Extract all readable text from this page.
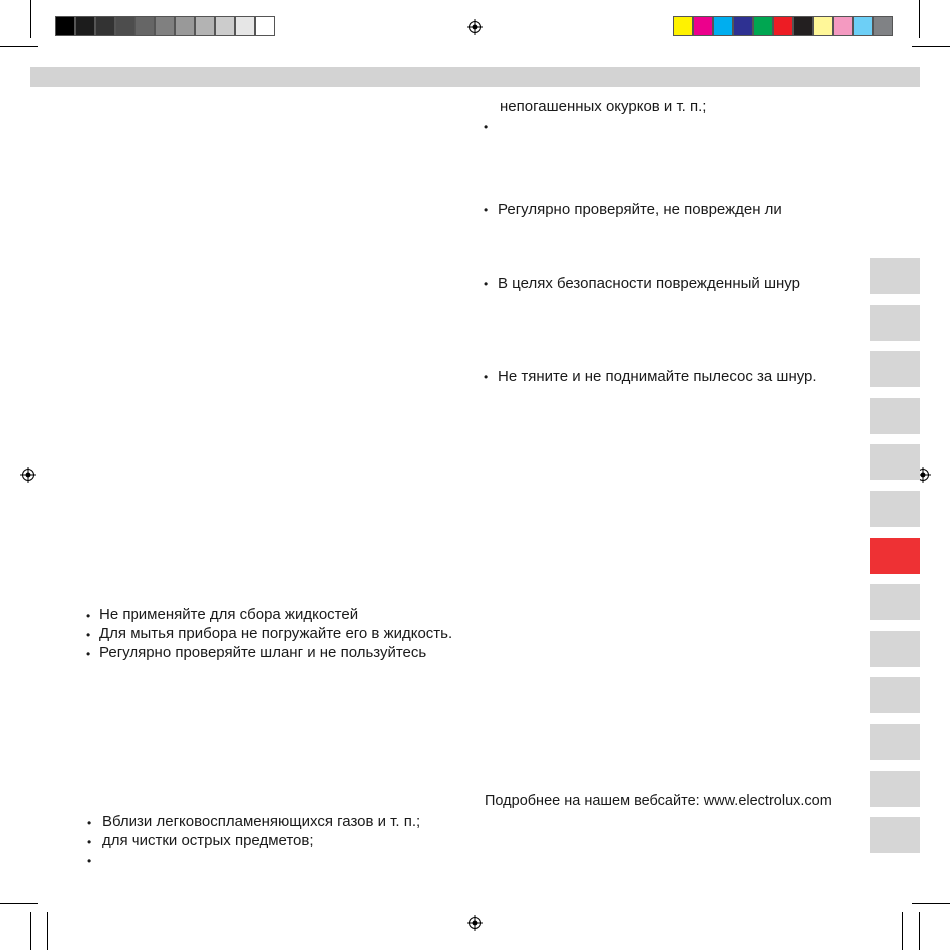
непогашенных окурков и т. п.;
•
• Регулярно проверяйте, не поврежден ли
• В целях безопасности поврежденный шнур
• Не тяните и не поднимайте пылесос за шнур.
Подробнее на нашем вебсайте: www.electrolux.com
• Не применяйте для сбора жидкостей
• Для мытья прибора не погружайте его в жидкость.
• Регулярно проверяйте шланг и не пользуйтесь
• Вблизи легковоспламеняющихся газов и т. п.;
• для чистки острых предметов;
•
